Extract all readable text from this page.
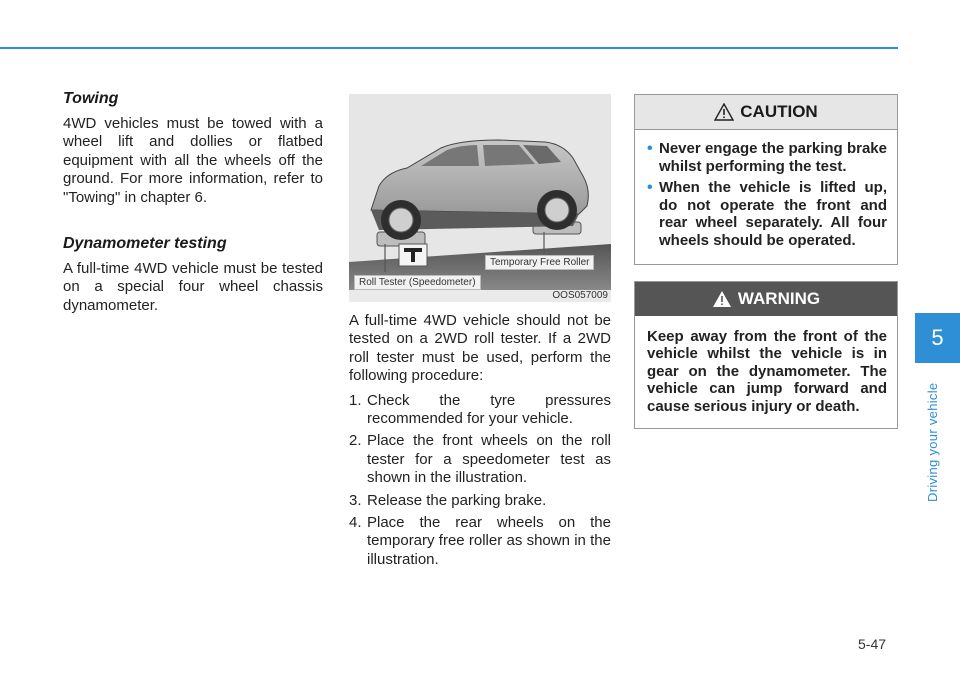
Towing

4WD vehicles must be towed with a wheel lift and dollies or flatbed equipment with all the wheels off the ground. For more information, refer to "Towing" in chapter 6.

Dynamometer testing

A full-time 4WD vehicle must be tested on a special four wheel chassis dynamometer.

Temporary Free Roller
Roll Tester (Speedometer)
OOS057009

A full-time 4WD vehicle should not be tested on a 2WD roll tester. If a 2WD roll tester must be used, perform the following procedure:

1. Check the tyre pressures recommended for your vehicle.
2. Place the front wheels on the roll tester for a speedometer test as shown in the illustration.
3. Release the parking brake.
4. Place the rear wheels on the temporary free roller as shown in the illustration.
CAUTION
• Never engage the parking brake whilst performing the test.
• When the vehicle is lifted up, do not operate the front and rear wheel separately. All four wheels should be operated.
WARNING

Keep away from the front of the vehicle whilst the vehicle is in gear on the dynamometer. The vehicle can jump forward and cause serious injury or death.

5
Driving your vehicle
5-47
